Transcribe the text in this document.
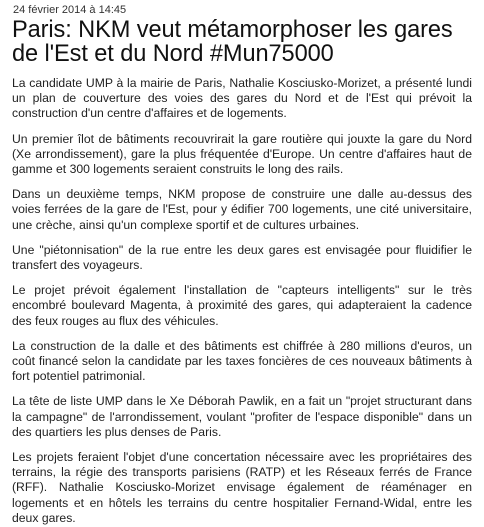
24 février 2014 à 14:45
Paris: NKM veut métamorphoser les gares de l'Est et du Nord #Mun75000

La candidate UMP à la mairie de Paris, Nathalie Kosciusko-Morizet, a présenté lundi un plan de couverture des voies des gares du Nord et de l'Est qui prévoit la construction d'un centre d'affaires et de logements.

Un premier îlot de bâtiments recouvrirait la gare routière qui jouxte la gare du Nord (Xe arrondissement), gare la plus fréquentée d'Europe. Un centre d'affaires haut de gamme et 300 logements seraient construits le long des rails.

Dans un deuxième temps, NKM propose de construire une dalle au-dessus des voies ferrées de la gare de l'Est, pour y édifier 700 logements, une cité universitaire, une crèche, ainsi qu'un complexe sportif et de cultures urbaines.

Une "piétonnisation" de la rue entre les deux gares est envisagée pour fluidifier le transfert des voyageurs.

Le projet prévoit également l'installation de "capteurs intelligents" sur le très encombré boulevard Magenta, à proximité des gares, qui adapteraient la cadence des feux rouges au flux des véhicules.

La construction de la dalle et des bâtiments est chiffrée à 280 millions d'euros, un coût financé selon la candidate par les taxes foncières de ces nouveaux bâtiments à fort potentiel patrimonial.

La tête de liste UMP dans le Xe Déborah Pawlik, en a fait un "projet structurant dans la campagne" de l'arrondissement, voulant "profiter de l'espace disponible" dans un des quartiers les plus denses de Paris.

Les projets feraient l'objet d'une concertation nécessaire avec les propriétaires des terrains, la régie des transports parisiens (RATP) et les Réseaux ferrés de France (RFF). Nathalie Kosciusko-Morizet envisage également de réaménager en logements et en hôtels les terrains du centre hospitalier Fernand-Widal, entre les deux gares.
